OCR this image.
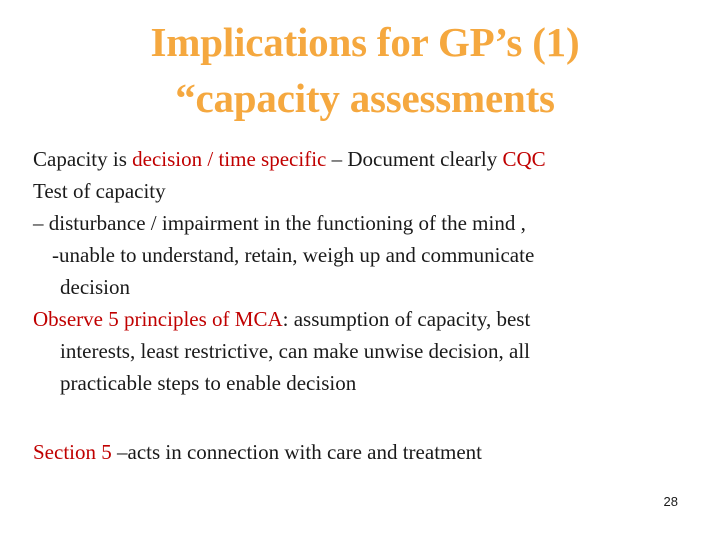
Implications for GP’s (1)
“capacity assessments
Capacity is decision / time specific – Document clearly CQC
Test of capacity
– disturbance / impairment in the functioning of the mind ,
-unable to understand, retain, weigh up and communicate
decision
Observe 5 principles of MCA: assumption of capacity, best
interests, least restrictive, can make unwise decision, all
practicable steps to enable decision
Section 5 –acts in connection with care and treatment
28
